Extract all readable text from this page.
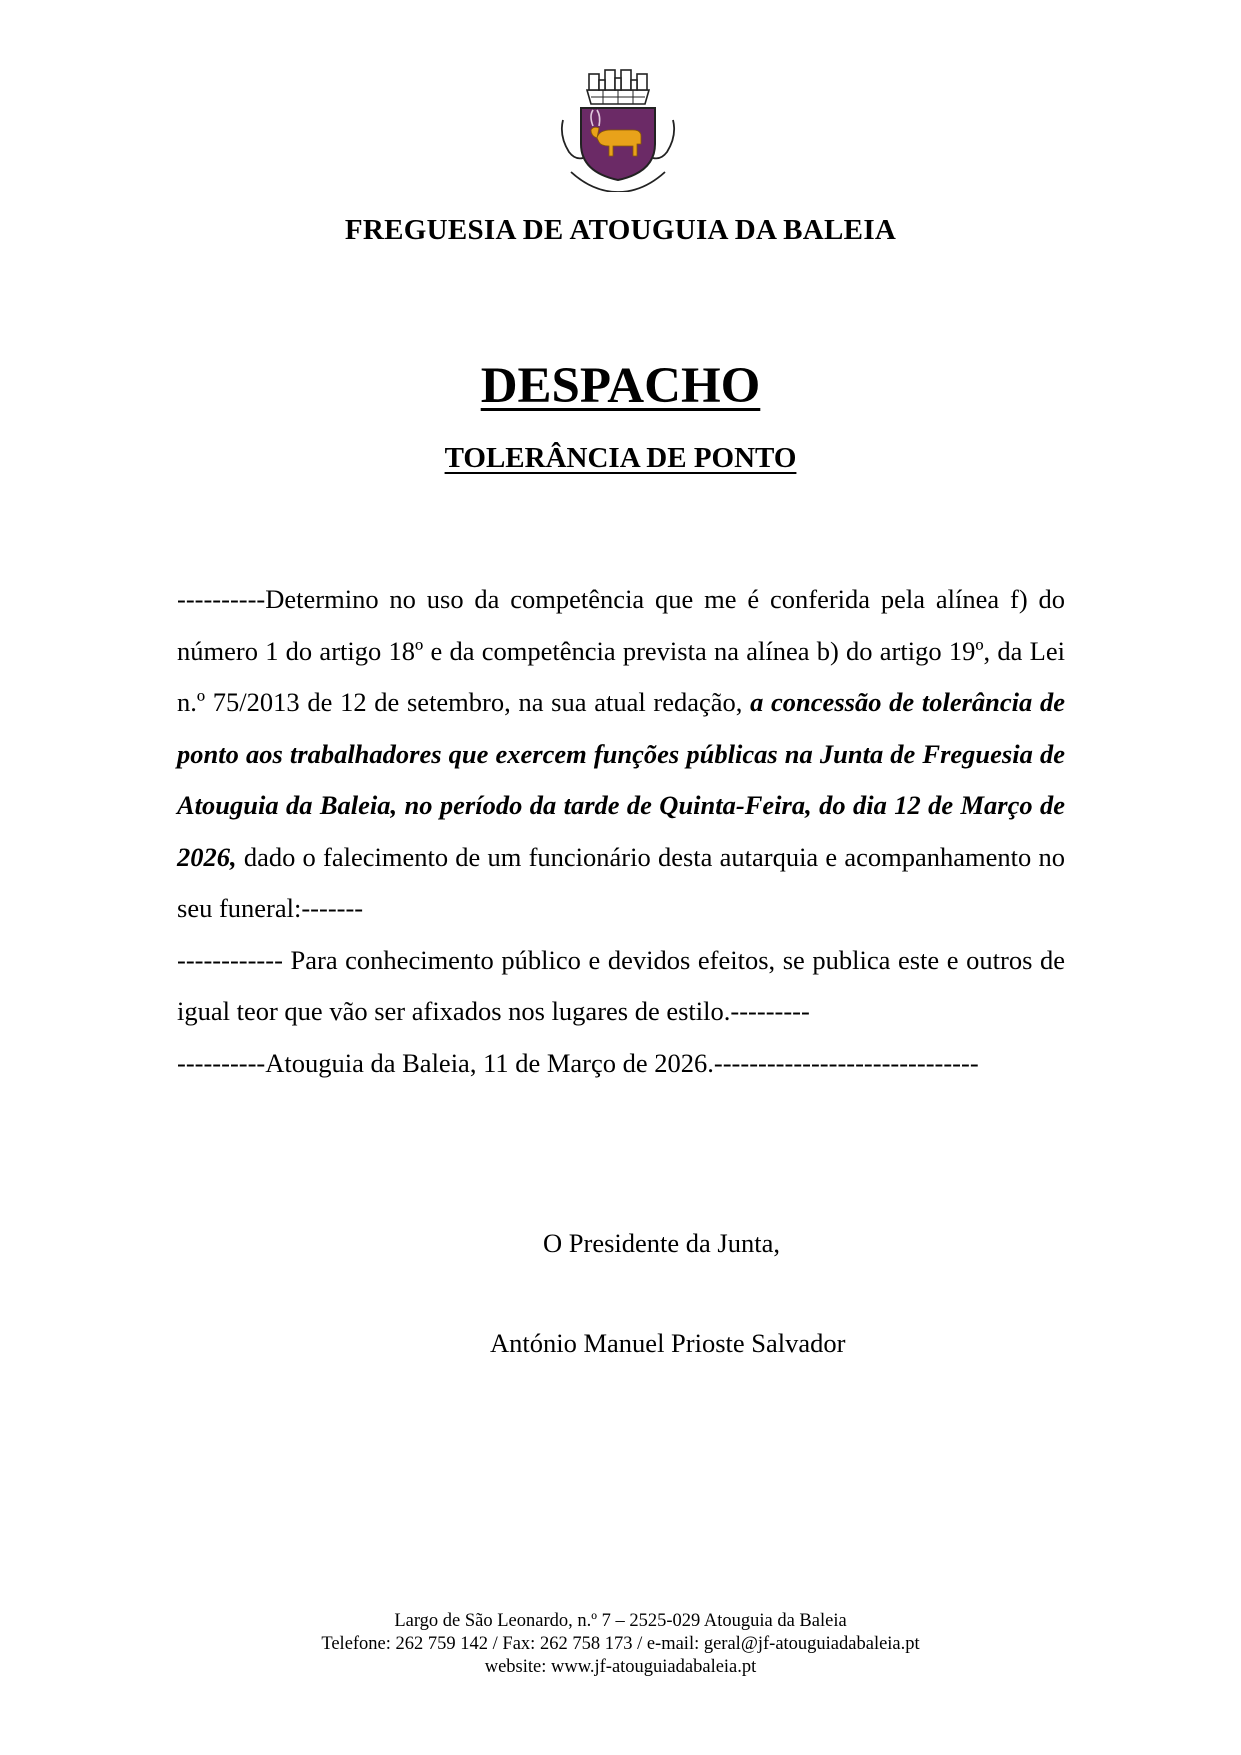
FREGUESIA DE ATOUGUIA DA BALEIA
DESPACHO
TOLERÂNCIA DE PONTO
----------Determino no uso da competência que me é conferida pela alínea f) do número 1 do artigo 18º e da competência prevista na alínea b) do artigo 19º, da Lei n.º 75/2013 de 12 de setembro, na sua atual redação, a concessão de tolerância de ponto aos trabalhadores que exercem funções públicas na Junta de Freguesia de Atouguia da Baleia, no período da tarde de Quinta-Feira, do dia 12 de Março de 2026, dado o falecimento de um funcionário desta autarquia e acompanhamento no seu funeral:-------
------------ Para conhecimento público e devidos efeitos, se publica este e outros de igual teor que vão ser afixados nos lugares de estilo.---------
----------Atouguia da Baleia, 11 de Março de 2026.------------------------------

O Presidente da Junta,

António Manuel Prioste Salvador

Largo de São Leonardo, n.º 7 – 2525-029 Atouguia da Baleia
Telefone: 262 759 142 / Fax: 262 758 173 / e-mail: geral@jf-atouguiadabaleia.pt
website: www.jf-atouguiadabaleia.pt
